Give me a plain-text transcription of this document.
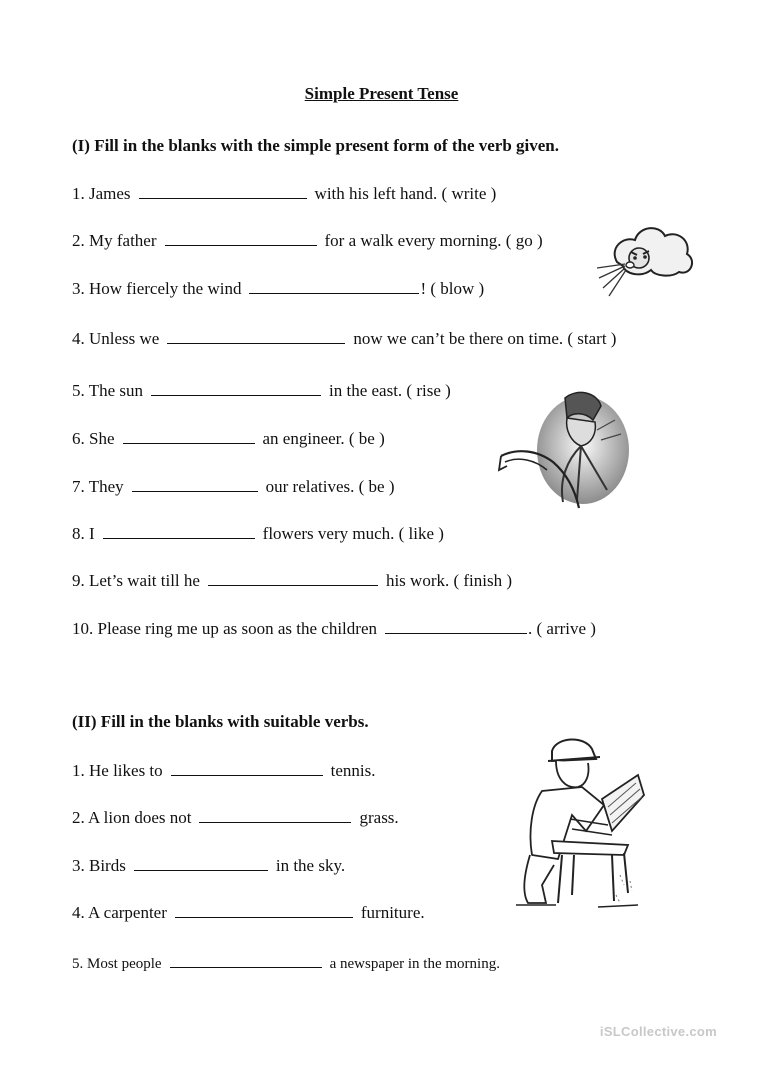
Simple Present Tense
(I) Fill in the blanks with the simple present form of the verb given.
1. James	with his left hand. ( write )
2. My father	for a walk every morning. ( go )
3. How fiercely the wind	! ( blow )
4. Unless we	now we can’t be there on time. ( start )
5. The sun	in the east. ( rise )
6. She	an engineer. ( be )
7. They	our relatives. ( be )
8. I	flowers very much. ( like )
9. Let’s wait till he	his work. ( finish )
10. Please ring me up as soon as the children	. ( arrive )
(II) Fill in the blanks with suitable verbs.
1. He likes to	tennis.
2. A lion does not	grass.
3. Birds	in the sky.
4. A carpenter	furniture.
5. Most people	a newspaper in the morning.
iSLCollective.com
